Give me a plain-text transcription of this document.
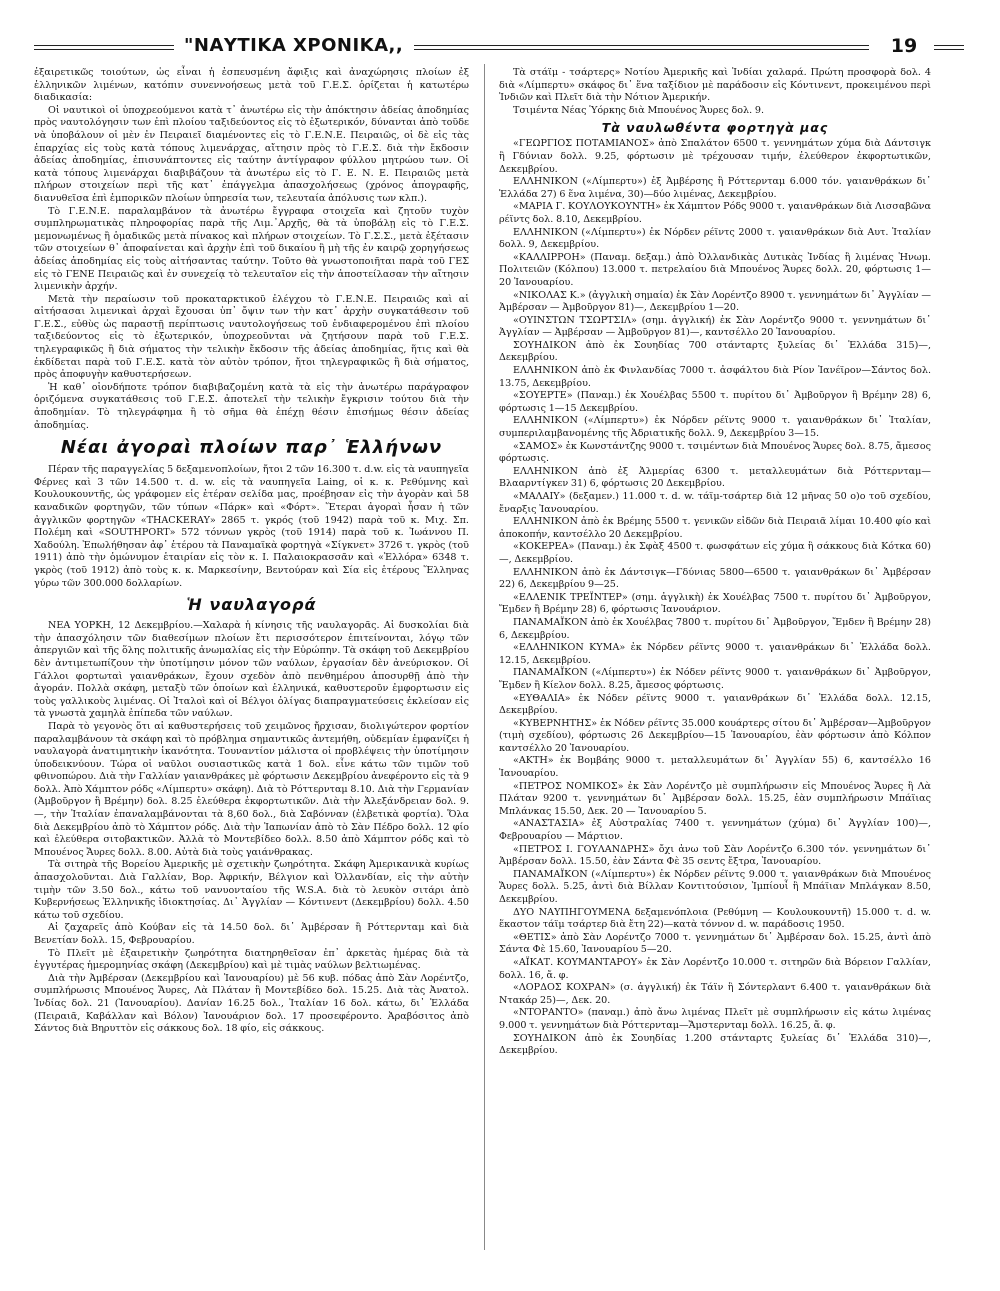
"ΝΑΥΤΙΚΑ ΧΡΟΝΙΚΑ,,	19

ἐξαιρετικῶς τοιούτων, ὡς εἶναι ἡ ἐσπευσμένη ἄφιξις καὶ ἀναχώρησις πλοίων ἐξ ἑλληνικῶν λιμένων, κατόπιν συνεννοήσεως μετὰ τοῦ Γ.Ε.Σ. ὁρίζεται ἡ κατωτέρω διαδικασία:

Οἱ ναυτικοὶ οἱ ὑποχρεούμενοι κατὰ τ᾽ ἀνωτέρω εἰς τὴν ἀπόκτησιν ἀδείας ἀποδημίας πρὸς ναυτολόγησιν των ἐπὶ πλοίου ταξιδεύοντος εἰς τὸ ἐξωτερικόν, δύνανται ἀπὸ τοῦδε νὰ ὑποβάλουν οἱ μὲν ἐν Πειραιεῖ διαμένοντες εἰς τὸ Γ.Ε.Ν.Ε. Πειραιῶς, οἱ δὲ εἰς τὰς ἐπαρχίας εἰς τοὺς κατὰ τόπους λιμενάρχας, αἴτησιν πρὸς τὸ Γ.Ε.Σ. διὰ τὴν ἔκδοσιν ἀδείας ἀποδημίας, ἐπισυνάπτοντες εἰς ταύτην ἀντίγραφον φύλλου μητρώου των. Οἱ κατὰ τόπους λιμενάρχαι διαβιβάζουν τὰ ἀνωτέρω εἰς τὸ Γ. Ε. Ν. Ε. Πειραιῶς μετὰ πλήρων στοιχείων περὶ τῆς κατ᾽ ἐπάγγελμα ἀπασχολήσεως (χρόνος ἀπογραφῆς, διανυθεῖσα ἐπὶ ἐμπορικῶν πλοίων ὑπηρεσία των, τελευταία ἀπόλυσις των κλπ.).

Τὸ Γ.Ε.Ν.Ε. παραλαμβάνον τὰ ἀνωτέρω ἔγγραφα στοιχεῖα καὶ ζητοῦν τυχὸν συμπληρωματικὰς πληροφορίας παρὰ τῆς Λιμ.᾽Αρχῆς, θὰ τὰ ὑποβάλῃ εἰς τὸ Γ.Ε.Σ. μεμονωμένως ἢ ὁμαδικῶς μετὰ πίνακος καὶ πλήρων στοιχείων. Τὸ Γ.Σ.Σ., μετὰ ἐξέτασιν τῶν στοιχείων θ᾽ ἀποφαίνεται καὶ ἀρχὴν ἐπὶ τοῦ δικαίου ἢ μὴ τῆς ἐν καιρῷ χορηγήσεως ἀδείας ἀποδημίας εἰς τοὺς αἰτήσαντας ταύτην. Τοῦτο θὰ γνωστοποιῆται παρὰ τοῦ ΓΕΣ εἰς τὸ ΓΕΝΕ Πειραιῶς καὶ ἐν συνεχείᾳ τὸ τελευταῖον εἰς τὴν ἀποστείλασαν τὴν αἴτησιν λιμενικὴν ἀρχήν.

Μετὰ τὴν περαίωσιν τοῦ προκαταρκτικοῦ ἐλέγχου τὸ Γ.Ε.Ν.Ε. Πειραιῶς καὶ αἱ αἰτήσασαι λιμενικαὶ ἀρχαὶ ἔχουσαι ὑπ᾽ ὄψιν των τὴν κατ᾽ ἀρχὴν συγκατάθεσιν τοῦ Γ.Ε.Σ., εὐθὺς ὡς παραστῇ περίπτωσις ναυτολογήσεως τοῦ ἐνδιαφερομένου ἐπὶ πλοίου ταξιδεύοντος εἰς τὸ ἐξωτερικόν, ὑποχρεοῦνται νὰ ζητήσουν παρὰ τοῦ Γ.Ε.Σ. τηλεγραφικῶς ἢ διὰ σήματος τὴν τελικὴν ἔκδοσιν τῆς ἀδείας ἀποδημίας, ἥτις καὶ θὰ ἐκδίδεται παρὰ τοῦ Γ.Ε.Σ. κατὰ τὸν αὐτὸν τρόπον, ἤτοι τηλεγραφικῶς ἢ διὰ σήματος, πρὸς ἀποφυγὴν καθυστερήσεων.

Ἡ καθ᾽ οἱονδήποτε τρόπον διαβιβαζομένη κατὰ τὰ εἰς τὴν ἀνωτέρω παράγραφον ὁριζόμενα συγκατάθεσις τοῦ Γ.Ε.Σ. ἀποτελεῖ τὴν τελικὴν ἔγκρισιν τούτου διὰ τὴν ἀποδημίαν. Τὸ τηλεγράφημα ἢ τὸ σῆμα θὰ ἐπέχῃ θέσιν ἐπισήμως θέσιν ἀδείας ἀποδημίας.

Νέαι ἀγοραὶ πλοίων παρ᾽ Ἑλλήνων

Πέραν τῆς παραγγελίας 5 δεξαμενοπλοίων, ἤτοι 2 τῶν 16.300 τ. d.w. εἰς τὰ ναυπηγεῖα Φέρνες καὶ 3 τῶν 14.500 τ. d. w. εἰς τὰ ναυπηγεῖα Laing, οἱ κ. κ. Ρεθύμνης καὶ Κουλουκουντῆς, ὡς γράφομεν εἰς ἑτέραν σελίδα μας, προέβησαν εἰς τὴν ἀγορὰν καὶ 58 καναδικῶν φορτηγῶν, τῶν τύπων «Πάρκ» καὶ «Φόρτ». Ἕτεραι ἀγοραὶ ἦσαν ἡ τῶν ἀγγλικῶν φορτηγῶν «THACKERAY» 2865 τ. γκρός (τοῦ 1942) παρὰ τοῦ κ. Μιχ. Σπ. Πολέμη καὶ «SOUTHPORT» 572 τόννων γκρὸς (τοῦ 1914) παρὰ τοῦ κ. Ἰωάννου Π. Χαδούλη. Ἐπωλήθησαν ἀφ᾽ ἑτέρου τὰ Παναμαϊκὰ φορτηγὰ «Σίγκνετ» 3726 τ. γκρὸς (τοῦ 1911) ἀπὸ τὴν ὁμώνυμον ἑταιρίαν εἰς τὸν κ. Ι. Παλαιοκρασσᾶν καὶ «Ἐλλόρα» 6348 τ. γκρὸς (τοῦ 1912) ἀπὸ τοὺς κ. κ. Μαρκεσίνην, Βεντούραν καὶ Σία εἰς ἑτέρους Ἕλληνας γύρω τῶν 300.000 δολλαρίων.

Ἡ ναυλαγορά

ΝΕΑ ΥΟΡΚΗ, 12 Δεκεμβρίου.—Χαλαρὰ ἡ κίνησις τῆς ναυλαγορᾶς. Αἱ δυσκολίαι διὰ τὴν ἀπασχόλησιν τῶν διαθεσίμων πλοίων ἔτι περισσότερον ἐπιτείνονται, λόγῳ τῶν ἀπεργιῶν καὶ τῆς ὅλης πολιτικῆς ἀνωμαλίας εἰς τὴν Εὐρώπην. Τὰ σκάφη τοῦ Δεκεμβρίου δὲν ἀντιμετωπίζουν τὴν ὑποτίμησιν μόνον τῶν ναύλων, ἐργασίαν δὲν ἀνεύρισκον. Οἱ Γάλλοι φορτωταὶ γαιανθράκων, ἔχουν σχεδὸν ἀπὸ πενθημέρου ἀποσυρθῇ ἀπὸ τὴν ἀγοράν. Πολλὰ σκάφη, μεταξὺ τῶν ὁποίων καὶ ἑλληνικά, καθυστεροῦν ἐμφορτωσιν εἰς τοὺς γαλλικοὺς λιμένας. Οἱ Ἰταλοὶ καὶ οἱ Βέλγοι ὀλίγας διαπραγματεύσεις ἐκλείσαν εἰς τὰ γνωστὰ χαμηλὰ ἐπίπεδα τῶν ναύλων.

Παρὰ τὸ γεγονὸς ὅτι αἱ καθυστερήσεις τοῦ χειμῶνος ἤρχισαν, διολιγώτερον φορτίον παραλαμβάνουν τὰ σκάφη καὶ τὸ πρόβλημα σημαντικῶς ἀντεμήθη, οὐδεμίαν ἐμφανίζει ἡ ναυλαγορὰ ἀνατιμητικὴν ἱκανότητα. Τουναντίον μάλιστα οἱ προβλέψεις τὴν ὑποτίμησιν ὑποδεικνύουν. Τώρα οἱ ναῦλοι ουσιαστικῶς κατὰ 1 δολ. εἶνε κάτω τῶν τιμῶν τοῦ φθινοπώρου. Διὰ τὴν Γαλλίαν γαιανθράκες μὲ φόρτωσιν Δεκεμβρίου ἀνεφέροντο εἰς τὰ 9 δολλ. Ἀπὸ Χάμπτον ρόδς «Λίμπερτυ» σκάφη). Διὰ τὸ Ρόττερνταμ 8.10. Διὰ τὴν Γερμανίαν (Ἀμβοῦργον ἢ Βρέμην) δολ. 8.25 ἐλεύθερα ἐκφορτωτικῶν. Διὰ τὴν Ἀλεξάνδρειαν δολ. 9.—, τὴν Ἰταλίαν ἐπαναλαμβάνονται τὰ 8,60 δολ., διὰ Σαβόνναν (ἐλβετικὰ φορτία). Ὅλα διὰ Δεκεμβρίου ἀπὸ τὸ Χάμπτον ρόδς. Διὰ τὴν Ἰαπωνίαν ἀπὸ τὸ Σὰν Πέδρο δολλ. 12 φίο καὶ ἐλεύθερα σιτοβακτικῶν. Ἀλλὰ τὸ Μοντεβίδεο δολλ. 8.50 ἀπὸ Χάμπτον ρόδς καὶ τὸ Μπουένος Ἄυρες δολλ. 8.00. Αὐτὰ διὰ τοὺς γαιάνθρακας.

Τὰ σιτηρὰ τῆς Βορείου Ἀμερικῆς μὲ σχετικὴν ζωηρότητα. Σκάφη Ἀμερικανικὰ κυρίως ἀπασχολοῦνται. Διὰ Γαλλίαν, Βορ. Ἀφρικήν, Βέλγιον καὶ Ὀλλανδίαν, εἰς τὴν αὐτὴν τιμὴν τῶν 3.50 δολ., κάτω τοῦ νανυονταίου τῆς W.S.A. διὰ τὸ λευκὸν σιτάρι ἀπὸ Κυβερνήσεως Ἑλληνικῆς ἰδιοκτησίας. Δι᾽ Ἀγγλίαν — Κόντινεντ (Δεκεμβρίου) δολλ. 4.50 κάτω τοῦ σχεδίου.

Αἱ ζαχαρεῖς ἀπὸ Κούβαν εἰς τὰ 14.50 δολ. δι᾽ Ἀμβέρσαν ἢ Ρόττερνταμ καὶ διὰ Βενετίαν δολλ. 15, Φεβρουαρίου.

Τὸ Πλεῖτ μὲ ἐξαιρετικὴν ζωηρότητα διατηρηθεῖσαν ἐπ᾽ ἀρκετὰς ἡμέρας διὰ τὰ ἐγγυτέρας ἡμερομηνίας σκάφη (Δεκεμβρίου) καὶ μὲ τιμὰς ναύλων βελτιωμένας.

Διὰ τὴν Ἀμβέρσαν (Δεκεμβρίου καὶ Ἰανουαρίου) μὲ 56 κυβ. πόδας ἀπὸ Σὰν Λορέντζο, συμπλήρωσις Μπουένος Ἄυρες, Λὰ Πλάταν ἢ Μοντεβίδεο δολ. 15.25. Διὰ τὰς Ἀνατολ. Ἰνδίας δολ. 21 (Ἰανουαρίου). Δανίαν 16.25 δολ., Ἰταλίαν 16 δολ. κάτω, δι᾽ Ἑλλάδα (Πειραιᾶ, Καβάλλαν καὶ Βόλον) Ἰανουάριον δολ. 17 προσεφέροντο. Ἀραβόσιτος ἀπὸ Σάντος διὰ Βηρυττὸν εἰς σάκκους δολ. 18 φίο, εἰς σάκκους.

Τὰ στάϊμ - τσάρτερς» Νοτίου Ἀμερικῆς καὶ Ἰνδίαι χαλαρά. Πρώτη προσφορὰ δολ. 4 διὰ «Λίμπερτυ» σκάφος δι᾽ ἕνα ταξίδιον μὲ παράδοσιν εἰς Κόντινεντ, προκειμένου περὶ Ἰνδιῶν καὶ Πλεῖτ διὰ τὴν Νότιον Ἀμερικήν.

Τσιμέντα Νέας Ὑόρκης διὰ Μπουένος Ἄυρες δολ. 9.

Τὰ ναυλωθέντα φορτηγὰ μας

«ΓΕΩΡΓΙΟΣ ΠΟΤΑΜΙΑΝΟΣ» ἀπὸ Σπαλάτον 6500 τ. γεννημάτων χύμα διὰ Δάντσιγκ ἢ Γδύνιαν δολλ. 9.25, φόρτωσιν μὲ τρέχουσαν τιμήν, ἐλεύθερον ἐκφορτωτικῶν, Δεκεμβρίου.

ΕΛΛΗΝΙΚΟΝ («Λίμπερτυ») ἐξ Ἀμβέρσης ἢ Ρόττερνταμ 6.000 τόν. γαιανθράκων δι᾽ Ἑλλάδα 27) 6 ἕνα λιμένα, 30)—δύο λιμένας, Δεκεμβρίου.

«ΜΑΡΙΑ Γ. ΚΟΥΛΟΥΚΟΥΝΤΗ» ἐκ Χάμπτον Ρόδς 9000 τ. γαιανθράκων διὰ Λισσαβῶνα ρέϊντς δολ. 8.10, Δεκεμβρίου.

ΕΛΛΗΝΙΚΟΝ («Λίμπερτυ») ἐκ Νόρδεν ρέϊντς 2000 τ. γαιανθράκων διὰ Αυτ. Ἰταλίαν δολλ. 9, Δεκεμβρίου.

«ΚΑΛΛΙΡΡΟΗ» (Παναμ. δεξαμ.) ἀπὸ Ὀλλανδικὰς Δυτικὰς Ἰνδίας ἢ λιμένας Ἡνωμ. Πολιτειῶν (Κόλπου) 13.000 τ. πετρελαίου διὰ Μπουένος Ἄυρες δολλ. 20, φόρτωσις 1—20 Ἰανουαρίου.

«ΝΙΚΟΛΑΣ Κ.» (ἀγγλικὴ σημαία) ἐκ Σὰν Λορέντζο 8900 τ. γεννημάτων δι᾽ Ἀγγλίαν — Ἀμβέρσαν — Ἀμβοῦργον 81)—, Δεκεμβρίου 1—20.

«ΟΥΙΝΣΤΩΝ ΤΣΩΡΤΣΙΛ» (σημ. ἀγγλική) ἐκ Σὰν Λορέντζο 9000 τ. γεννημάτων δι᾽ Ἀγγλίαν — Ἀμβέρσαν — Ἀμβοῦργον 81)—, καντσέλλο 20 Ἰανουαρίου.

ΣΟΥΗΔΙΚΟΝ ἀπὸ ἐκ Σουηδίας 700 στάνταρτς ξυλείας δι᾽ Ἑλλάδα 315)—, Δεκεμβρίου.

ΕΛΛΗΝΙΚΟΝ ἀπὸ ἐκ Φινλανδίας 7000 τ. ἀσφάλτου διὰ Ρίον Ἰανέϊρον—Σάντος δολ. 13.75, Δεκεμβρίου.

«ΣΟΥΕΡΤΕ» (Παναμ.) ἐκ Χουέλβας 5500 τ. πυρίτου δι᾽ Ἀμβοῦργον ἢ Βρέμην 28) 6, φόρτωσις 1—15 Δεκεμβρίου.

ΕΛΛΗΝΙΚΟΝ («Λίμπερτυ») ἐκ Νόρδεν ρέϊντς 9000 τ. γαιανθράκων δι᾽ Ἰταλίαν, συμπεριλαμβανομένης τῆς Ἀδριατικῆς δολλ. 9, Δεκεμβρίου 3—15.

«ΣΑΜΟΣ» ἐκ Κωνστάντζης 9000 τ. τσιμέντων διὰ Μπουένος Ἄυρες δολ. 8.75, ἄμεσος φόρτωσις.

ΕΛΛΗΝΙΚΟΝ ἀπὸ ἐξ Ἀλμερίας 6300 τ. μεταλλευμάτων διὰ Ρόττερνταμ—Βλααρντίγκεν 31) 6, φόρτωσις 20 Δεκεμβρίου.

«ΜΑΛΑΙΥ» (δεξαμεν.) 11.000 τ. d. w. τάϊμ-τσάρτερ διὰ 12 μῆνας 50 ο)ο τοῦ σχεδίου, ἔναρξις Ἰανουαρίου.

ΕΛΛΗΝΙΚΟΝ ἀπὸ ἐκ Βρέμης 5500 τ. γενικῶν εἰδῶν διὰ Πειραιᾶ λίμαι 10.400 φίο καὶ ἀποκοπήν, καντσέλλο 20 Δεκεμβρίου.

«ΚΟΚΕΡΕΑ» (Παναμ.) ἐκ Σφὰξ 4500 τ. φωσφάτων εἰς χύμα ἢ σάκκους διὰ Κότκα 60)—, Δεκεμβρίου.

ΕΛΛΗΝΙΚΟΝ ἀπὸ ἐκ Δάντσιγκ—Γδύνιας 5800—6500 τ. γαιανθράκων δι᾽ Ἀμβέρσαν 22) 6, Δεκεμβρίου 9—25.

«ΕΛΛΕΝΙΚ ΤΡΕΪΝΤΕΡ» (σημ. ἀγγλικὴ) ἐκ Χουέλβας 7500 τ. πυρίτου δι᾽ Ἀμβοῦργον, Ἔμδεν ἢ Βρέμην 28) 6, φόρτωσις Ἰανουάριον.

ΠΑΝΑΜΑΪΚΟΝ ἀπὸ ἐκ Χουέλβας 7800 τ. πυρίτου δι᾽ Ἀμβοῦργον, Ἔμδεν ἢ Βρέμην 28) 6, Δεκεμβρίου.

«ΕΛΛΗΝΙΚΟΝ ΚΥΜΑ» ἐκ Νόρδεν ρέϊντς 9000 τ. γαιανθράκων δι᾽ Ἑλλάδα δολλ. 12.15, Δεκεμβρίου.

ΠΑΝΑΜΑΪΚΟΝ («Λίμπερτυ») ἐκ Νόδεν ρέϊντς 9000 τ. γαιανθράκων δι᾽ Ἀμβοῦργον, Ἔμδεν ἢ Κίελον δολλ. 8.25, ἄμεσος φόρτωσις.

«ΕΥΘΑΛΙΑ» ἐκ Νόδεν ρέϊντς 9000 τ. γαιανθράκων δι᾽ Ἑλλάδα δολλ. 12.15, Δεκεμβρίου.

«ΚΥΒΕΡΝΗΤΗΣ» ἐκ Νόδεν ρέϊντς 35.000 κουάρτερς σίτου δι᾽ Ἀμβέρσαν—Ἀμβοῦργον (τιμὴ σχεδίου), φόρτωσις 26 Δεκεμβρίου—15 Ἰανουαρίου, ἐὰν φόρτωσιν ἀπὸ Κόλπον καντσέλλο 20 Ἰανουαρίου.

«ΑΚΤΗ» ἐκ Βομβάης 9000 τ. μεταλλευμάτων δι᾽ Ἀγγλίαν 55) 6, καντσέλλο 16 Ἰανουαρίου.

«ΠΕΤΡΟΣ ΝΟΜΙΚΟΣ» ἐκ Σὰν Λορέντζο μὲ συμπλήρωσιν εἰς Μπουένος Ἄυρες ἢ Λὰ Πλάταν 9200 τ. γεννημάτων δι᾽ Ἀμβέρσαν δολλ. 15.25, ἐὰν συμπλήρωσιν Μπάϊιας Μπλάνκας 15.50, Δεκ. 20 — Ἰανουαρίου 5.

«ΑΝΑΣΤΑΣΙΑ» ἐξ Αὐστραλίας 7400 τ. γεννημάτων (χύμα) δι᾽ Ἀγγλίαν 100)—, Φεβρουαρίου — Μάρτιον.

«ΠΕΤΡΟΣ Ι. ΓΟΥΛΑΝΔΡΗΣ» ὄχι ἀνω τοῦ Σὰν Λορέντζο 6.300 τόν. γεννημάτων δι᾽ Ἀμβέρσαν δολλ. 15.50, ἐὰν Σάντα Φὲ 35 σεντς ἔξτρα, Ἰανουαρίου.

ΠΑΝΑΜΑΪΚΟΝ («Λίμπερτυ») ἐκ Νόρδεν ρέϊντς 9.000 τ. γαιανθράκων διὰ Μπουένος Ἄυρες δολλ. 5.25, ἀντὶ διὰ Βίλλαν Κοντιτούσιον, Ἰμπίουἶ ἢ Μπάϊιαν Μπλάγκαν 8.50, Δεκεμβρίου.

ΔΥΟ ΝΑΥΠΗΓΟΥΜΕΝΑ δεξαμενόπλοια (Ρεθύμνη — Κουλουκουντῆ) 15.000 τ. d. w. ἕκαστον τάϊμ τσάρτερ διὰ ἔτη 22)—κατὰ τόννον d. w. παράδοσις 1950.

«ΘΕΤΙΣ» ἀπὸ Σὰν Λορέντζο 7000 τ. γεννημάτων δι᾽ Ἀμβέρσαν δολ. 15.25, ἀντὶ ἀπὸ Σάντα Φὲ 15.60, Ἰανουαρίου 5—20.

«ΑΪΚΑΤ. ΚΟΥΜΑΝΤΑΡΟΥ» ἐκ Σὰν Λορέντζο 10.000 τ. σιτηρῶν διὰ Βόρειον Γαλλίαν, δολλ. 16, ἄ. φ.

«ΛΟΡΔΟΣ ΚΟΧΡΑΝ» (σ. ἀγγλική) ἐκ Τάϊν ἢ Σόντερλαντ 6.400 τ. γαιανθράκων διὰ Ντακάρ 25)—, Δεκ. 20.

«ΝΤΟΡΑΝΤΟ» (παναμ.) ἀπὸ ἄνω λιμένας Πλεῖτ μὲ συμπλήρωσιν εἰς κάτω λιμένας 9.000 τ. γεννημάτων διὰ Ρόττερνταμ—Ἄμστερνταμ δολλ. 16.25, ἄ. φ.

ΣΟΥΗΔΙΚΟΝ ἀπὸ ἐκ Σουηδίας 1.200 στάνταρτς ξυλείας δι᾽ Ἑλλάδα 310)—, Δεκεμβρίου.
